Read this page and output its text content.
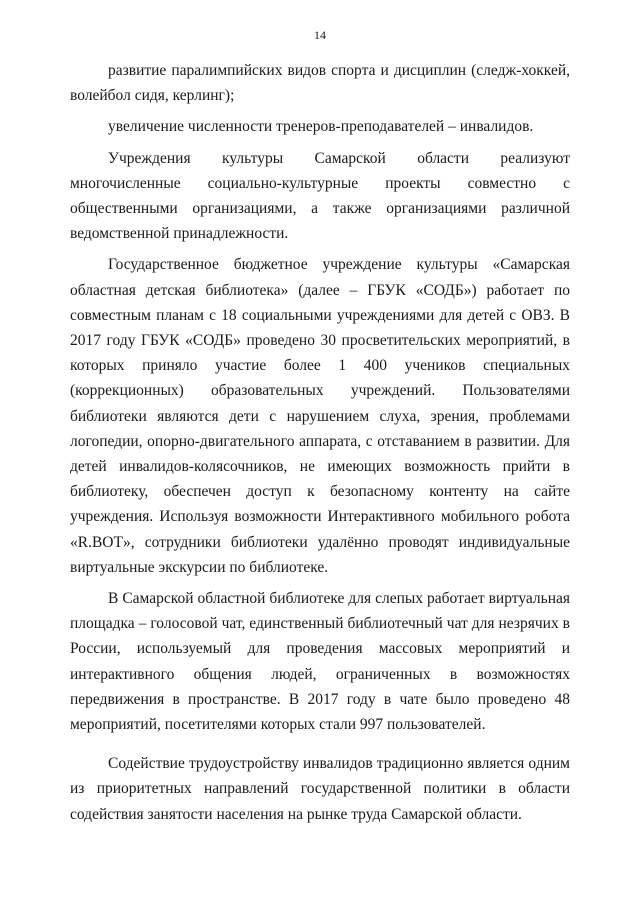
14

развитие паралимпийских видов спорта и дисциплин (следж-хоккей, волейбол сидя, керлинг);

увеличение численности тренеров-преподавателей – инвалидов.

Учреждения культуры Самарской области реализуют многочисленные социально-культурные проекты совместно с общественными организациями, а также организациями различной ведомственной принадлежности.

Государственное бюджетное учреждение культуры «Самарская областная детская библиотека» (далее – ГБУК «СОДБ») работает по совместным планам с 18 социальными учреждениями для детей с ОВЗ. В 2017 году ГБУК «СОДБ» проведено 30 просветительских мероприятий, в которых приняло участие более 1 400 учеников специальных (коррекционных) образовательных учреждений. Пользователями библиотеки являются дети с нарушением слуха, зрения, проблемами логопедии, опорно-двигательного аппарата, с отставанием в развитии. Для детей инвалидов-колясочников, не имеющих возможность прийти в библиотеку, обеспечен доступ к безопасному контенту на сайте учреждения. Используя возможности Интерактивного мобильного робота «R.BOT», сотрудники библиотеки удалённо проводят индивидуальные виртуальные экскурсии по библиотеке.

В Самарской областной библиотеке для слепых работает виртуальная площадка – голосовой чат, единственный библиотечный чат для незрячих в России, используемый для проведения массовых мероприятий и интерактивного общения людей, ограниченных в возможностях передвижения в пространстве. В 2017 году в чате было проведено 48 мероприятий, посетителями которых стали 997 пользователей.

Содействие трудоустройству инвалидов традиционно является одним из приоритетных направлений государственной политики в области содействия занятости населения на рынке труда Самарской области.
